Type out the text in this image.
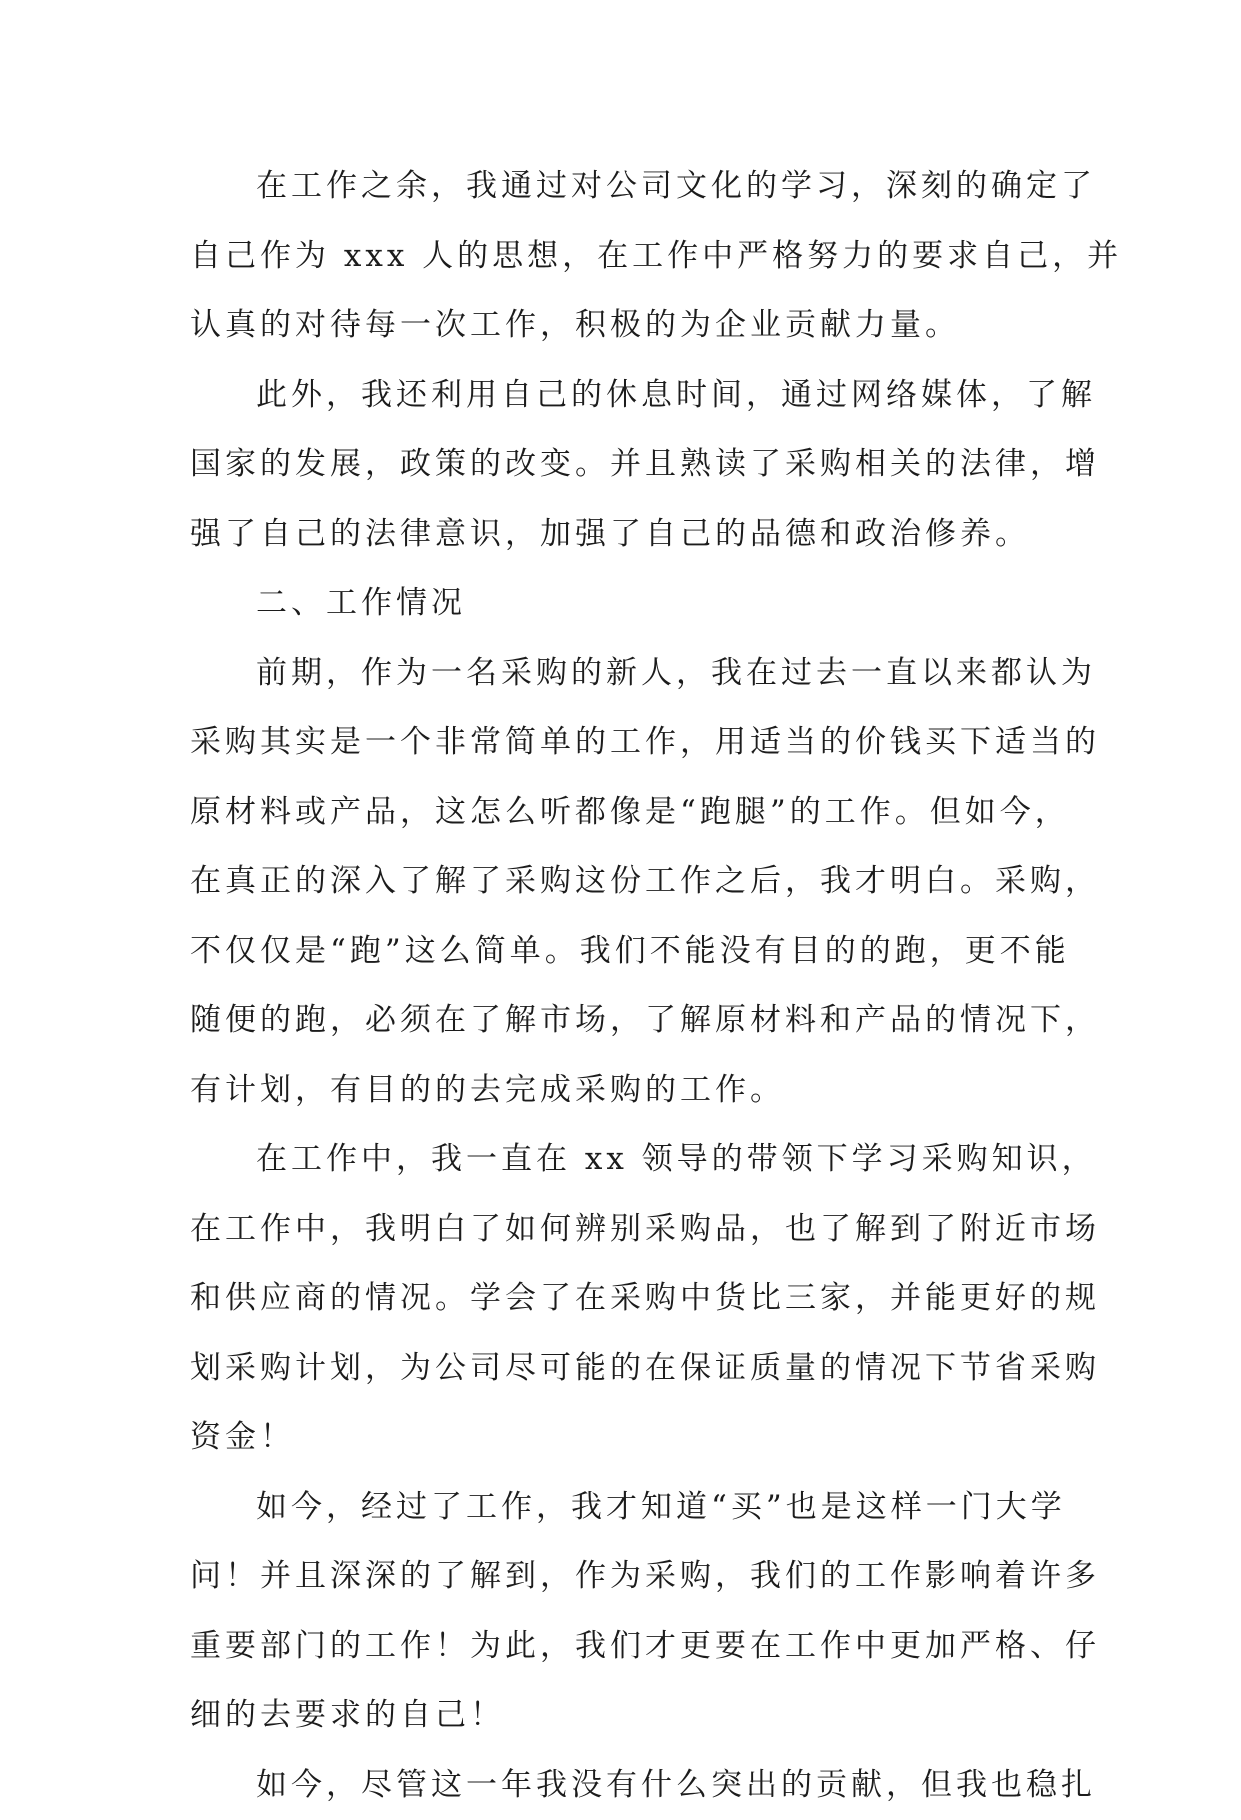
在工作之余，我通过对公司文化的学习，深刻的确定了
自己作为 xxx 人的思想，在工作中严格努力的要求自己，并
认真的对待每一次工作，积极的为企业贡献力量。
此外，我还利用自己的休息时间，通过网络媒体，了解
国家的发展，政策的改变。并且熟读了采购相关的法律，增
强了自己的法律意识，加强了自己的品德和政治修养。
二、工作情况
前期，作为一名采购的新人，我在过去一直以来都认为
采购其实是一个非常简单的工作，用适当的价钱买下适当的
原材料或产品，这怎么听都像是“跑腿”的工作。但如今，
在真正的深入了解了采购这份工作之后，我才明白。采购，
不仅仅是“跑”这么简单。我们不能没有目的的跑，更不能
随便的跑，必须在了解市场，了解原材料和产品的情况下，
有计划，有目的的去完成采购的工作。
在工作中，我一直在 xx 领导的带领下学习采购知识，
在工作中，我明白了如何辨别采购品，也了解到了附近市场
和供应商的情况。学会了在采购中货比三家，并能更好的规
划采购计划，为公司尽可能的在保证质量的情况下节省采购
资金！
如今，经过了工作，我才知道“买”也是这样一门大学
问！并且深深的了解到，作为采购，我们的工作影响着许多
重要部门的工作！为此，我们才更要在工作中更加严格、仔
细的去要求的自己！
如今，尽管这一年我没有什么突出的贡献，但我也稳扎
